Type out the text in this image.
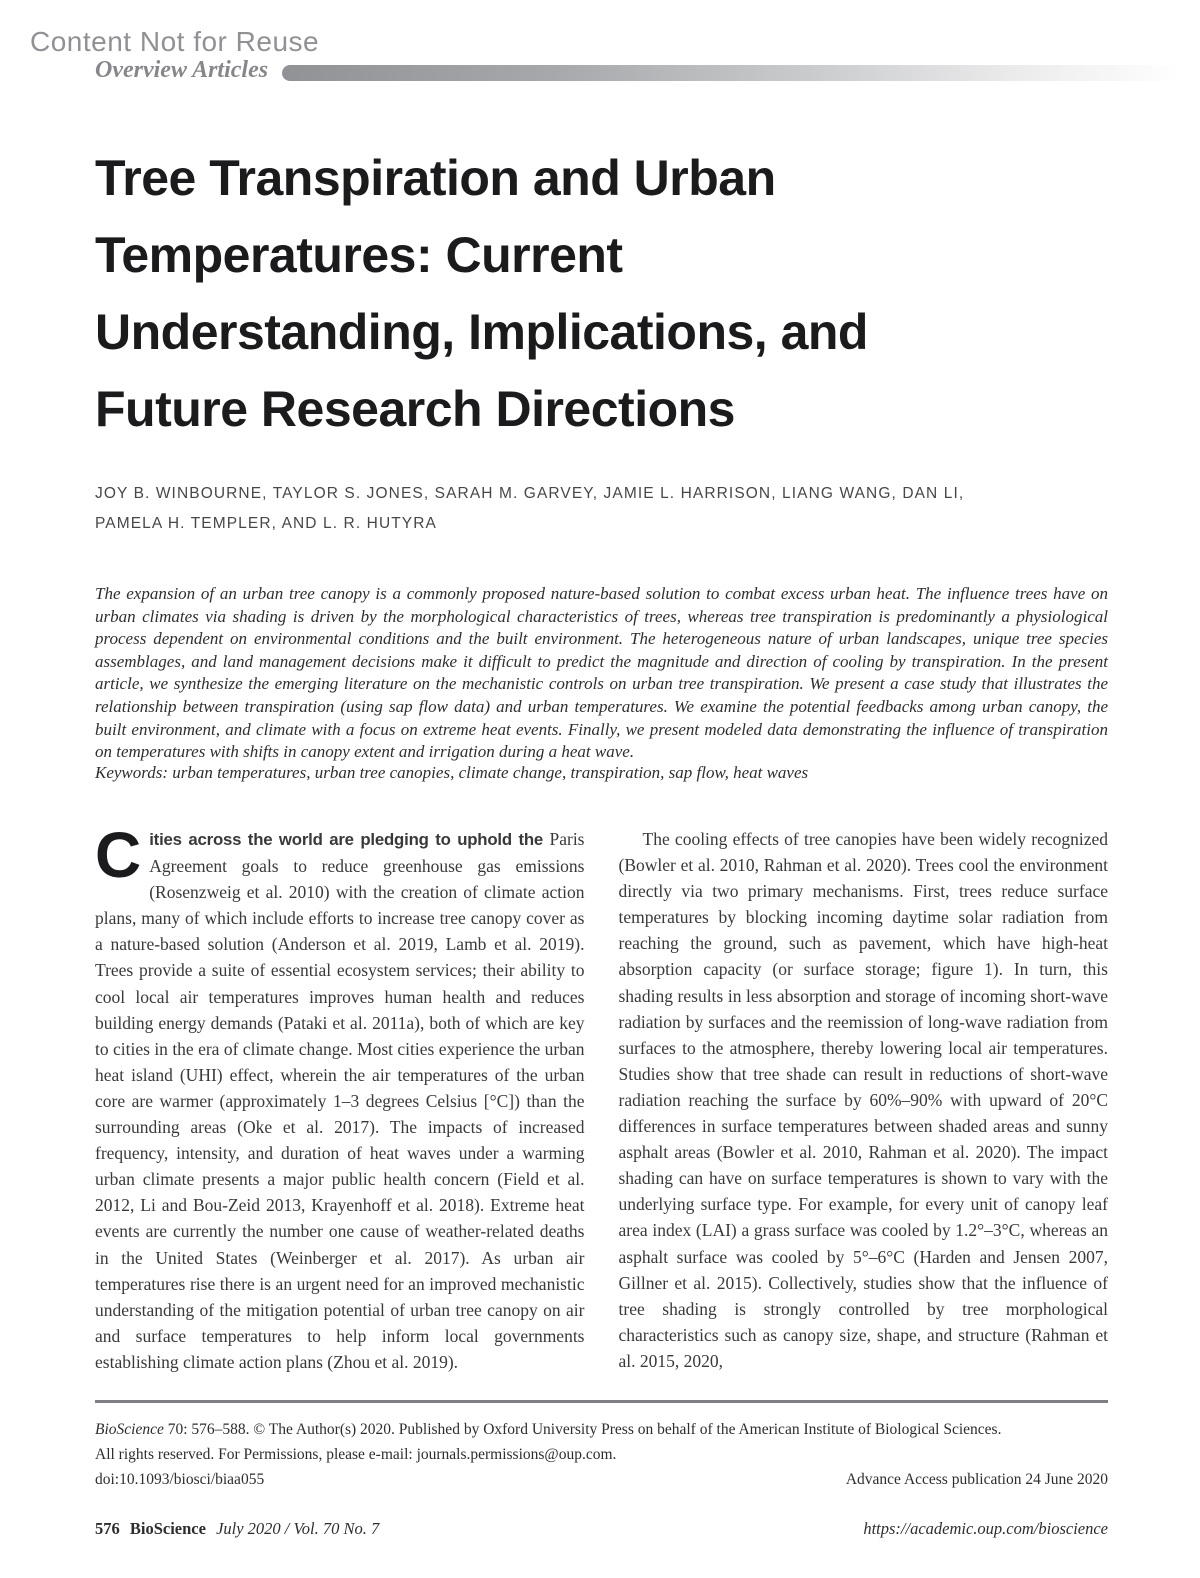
Content Not for Reuse
Overview Articles
Tree Transpiration and Urban
Temperatures: Current
Understanding, Implications, and
Future Research Directions
JOY B. WINBOURNE, TAYLOR S. JONES, SARAH M. GARVEY, JAMIE L. HARRISON, LIANG WANG, DAN LI,
PAMELA H. TEMPLER, AND L. R. HUTYRA
The expansion of an urban tree canopy is a commonly proposed nature-based solution to combat excess urban heat. The influence trees have on urban climates via shading is driven by the morphological characteristics of trees, whereas tree transpiration is predominantly a physiological process dependent on environmental conditions and the built environment. The heterogeneous nature of urban landscapes, unique tree species assemblages, and land management decisions make it difficult to predict the magnitude and direction of cooling by transpiration. In the present article, we synthesize the emerging literature on the mechanistic controls on urban tree transpiration. We present a case study that illustrates the relationship between transpiration (using sap flow data) and urban temperatures. We examine the potential feedbacks among urban canopy, the built environment, and climate with a focus on extreme heat events. Finally, we present modeled data demonstrating the influence of transpiration on temperatures with shifts in canopy extent and irrigation during a heat wave.
Keywords: urban temperatures, urban tree canopies, climate change, transpiration, sap flow, heat waves

Cities across the world are pledging to uphold the Paris Agreement goals to reduce greenhouse gas emissions (Rosenzweig et al. 2010) with the creation of climate action plans, many of which include efforts to increase tree canopy cover as a nature-based solution (Anderson et al. 2019, Lamb et al. 2019). Trees provide a suite of essential ecosystem services; their ability to cool local air temperatures improves human health and reduces building energy demands (Pataki et al. 2011a), both of which are key to cities in the era of climate change. Most cities experience the urban heat island (UHI) effect, wherein the air temperatures of the urban core are warmer (approximately 1–3 degrees Celsius [°C]) than the surrounding areas (Oke et al. 2017). The impacts of increased frequency, intensity, and duration of heat waves under a warming urban climate presents a major public health concern (Field et al. 2012, Li and Bou-Zeid 2013, Krayenhoff et al. 2018). Extreme heat events are currently the number one cause of weather-related deaths in the United States (Weinberger et al. 2017). As urban air temperatures rise there is an urgent need for an improved mechanistic understanding of the mitigation potential of urban tree canopy on air and surface temperatures to help inform local governments establishing climate action plans (Zhou et al. 2019).

The cooling effects of tree canopies have been widely recognized (Bowler et al. 2010, Rahman et al. 2020). Trees cool the environment directly via two primary mechanisms. First, trees reduce surface temperatures by blocking incoming daytime solar radiation from reaching the ground, such as pavement, which have high-heat absorption capacity (or surface storage; figure 1). In turn, this shading results in less absorption and storage of incoming short-wave radiation by surfaces and the reemission of long-wave radiation from surfaces to the atmosphere, thereby lowering local air temperatures. Studies show that tree shade can result in reductions of short-wave radiation reaching the surface by 60%–90% with upward of 20°C differences in surface temperatures between shaded areas and sunny asphalt areas (Bowler et al. 2010, Rahman et al. 2020). The impact shading can have on surface temperatures is shown to vary with the underlying surface type. For example, for every unit of canopy leaf area index (LAI) a grass surface was cooled by 1.2°–3°C, whereas an asphalt surface was cooled by 5°–6°C (Harden and Jensen 2007, Gillner et al. 2015). Collectively, studies show that the influence of tree shading is strongly controlled by tree morphological characteristics such as canopy size, shape, and structure (Rahman et al. 2015, 2020,

BioScience 70: 576–588. © The Author(s) 2020. Published by Oxford University Press on behalf of the American Institute of Biological Sciences.
All rights reserved. For Permissions, please e-mail: journals.permissions@oup.com.
doi:10.1093/biosci/biaa055	Advance Access publication 24 June 2020
576 BioScience July 2020 / Vol. 70 No. 7	https://academic.oup.com/bioscience
